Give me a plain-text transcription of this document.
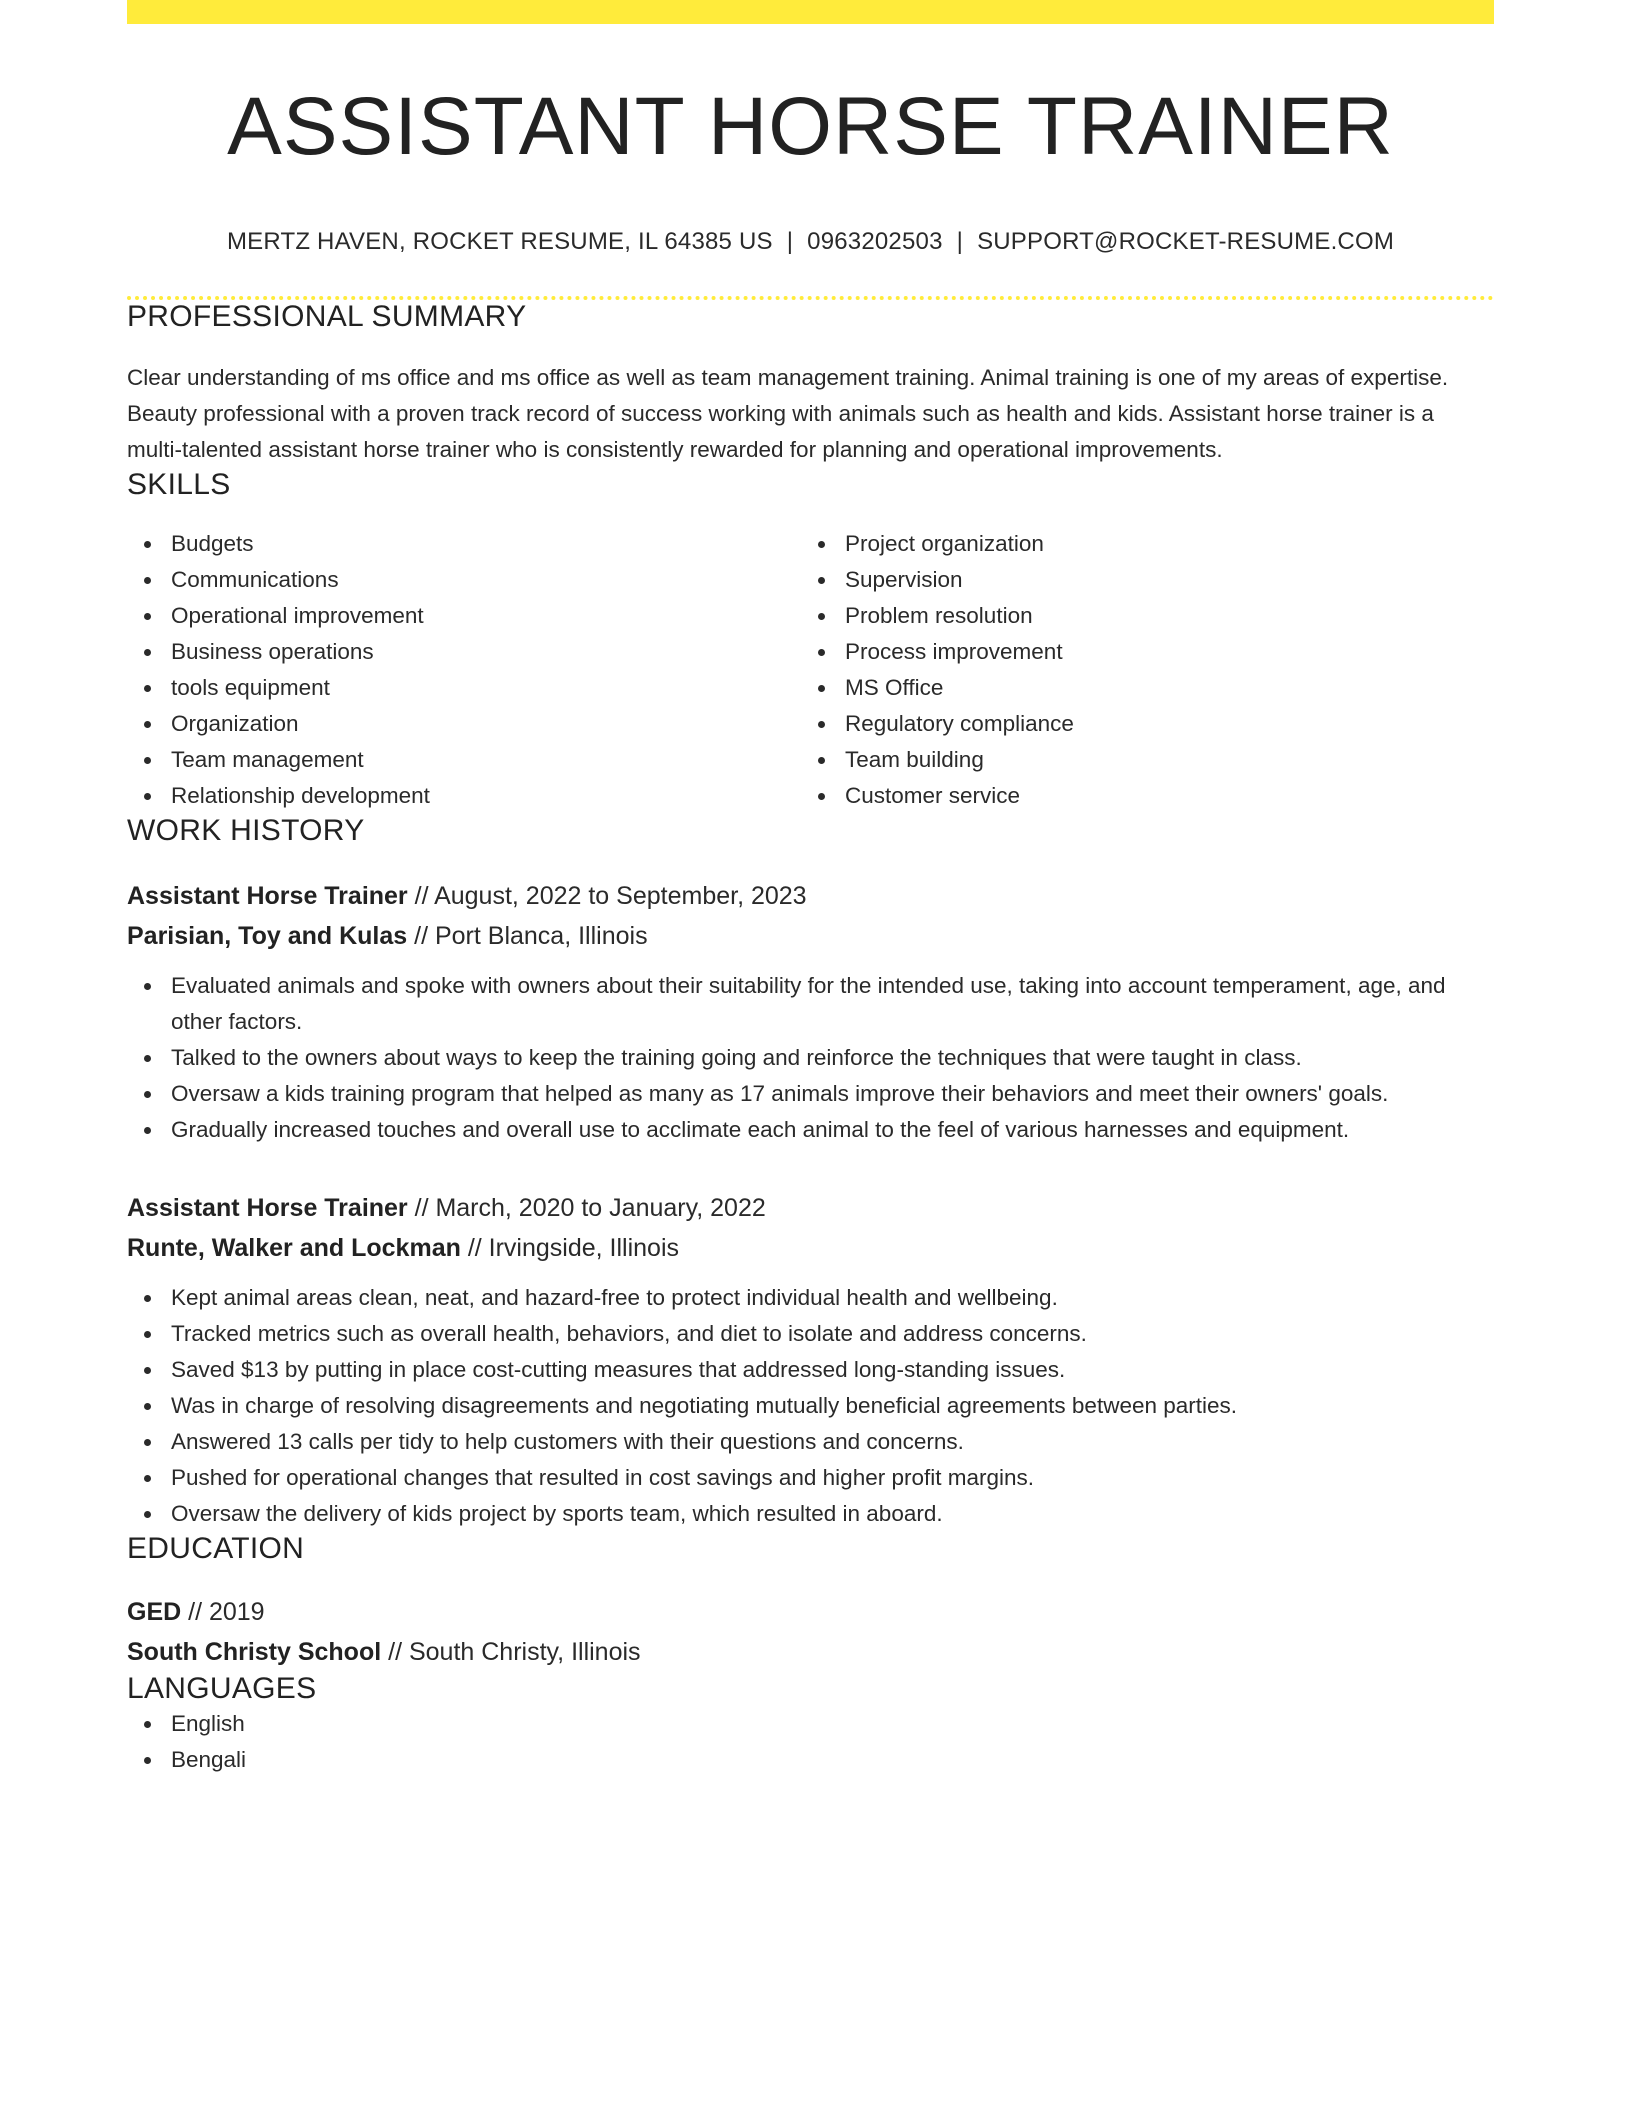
ASSISTANT HORSE TRAINER
MERTZ HAVEN, ROCKET RESUME, IL 64385 US | 0963202503 | SUPPORT@ROCKET-RESUME.COM
PROFESSIONAL SUMMARY

Clear understanding of ms office and ms office as well as team management training. Animal training is one of my areas of expertise. Beauty professional with a proven track record of success working with animals such as health and kids. Assistant horse trainer is a multi-talented assistant horse trainer who is consistently rewarded for planning and operational improvements.

SKILLS
Budgets
Communications
Operational improvement
Business operations
tools equipment
Organization
Team management
Relationship development
Project organization
Supervision
Problem resolution
Process improvement
MS Office
Regulatory compliance
Team building
Customer service
WORK HISTORY
Assistant Horse Trainer // August, 2022 to September, 2023
Parisian, Toy and Kulas // Port Blanca, Illinois
Evaluated animals and spoke with owners about their suitability for the intended use, taking into account temperament, age, and other factors.
Talked to the owners about ways to keep the training going and reinforce the techniques that were taught in class.
Oversaw a kids training program that helped as many as 17 animals improve their behaviors and meet their owners' goals.
Gradually increased touches and overall use to acclimate each animal to the feel of various harnesses and equipment.
Assistant Horse Trainer // March, 2020 to January, 2022
Runte, Walker and Lockman // Irvingside, Illinois
Kept animal areas clean, neat, and hazard-free to protect individual health and wellbeing.
Tracked metrics such as overall health, behaviors, and diet to isolate and address concerns.
Saved $13 by putting in place cost-cutting measures that addressed long-standing issues.
Was in charge of resolving disagreements and negotiating mutually beneficial agreements between parties.
Answered 13 calls per tidy to help customers with their questions and concerns.
Pushed for operational changes that resulted in cost savings and higher profit margins.
Oversaw the delivery of kids project by sports team, which resulted in aboard.
EDUCATION
GED // 2019
South Christy School // South Christy, Illinois
LANGUAGES
English
Bengali
